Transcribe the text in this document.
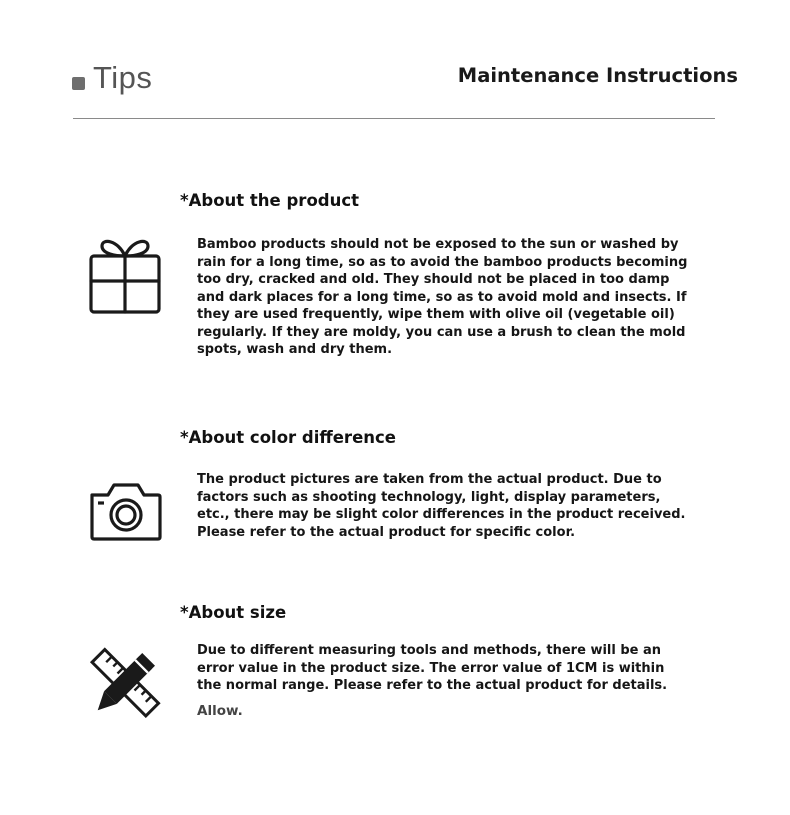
Tips	Maintenance Instructions
*About the product
Bamboo products should not be exposed to the sun or washed by rain for a long time, so as to avoid the bamboo products becoming too dry, cracked and old. They should not be placed in too damp and dark places for a long time, so as to avoid mold and insects. If they are used frequently, wipe them with olive oil (vegetable oil) regularly. If they are moldy, you can use a brush to clean the mold spots, wash and dry them.
*About color difference
The product pictures are taken from the actual product. Due to factors such as shooting technology, light, display parameters, etc., there may be slight color differences in the product received. Please refer to the actual product for specific color.
*About size
Due to different measuring tools and methods, there will be an error value in the product size. The error value of 1CM is within the normal range. Please refer to the actual product for details.
Allow.
